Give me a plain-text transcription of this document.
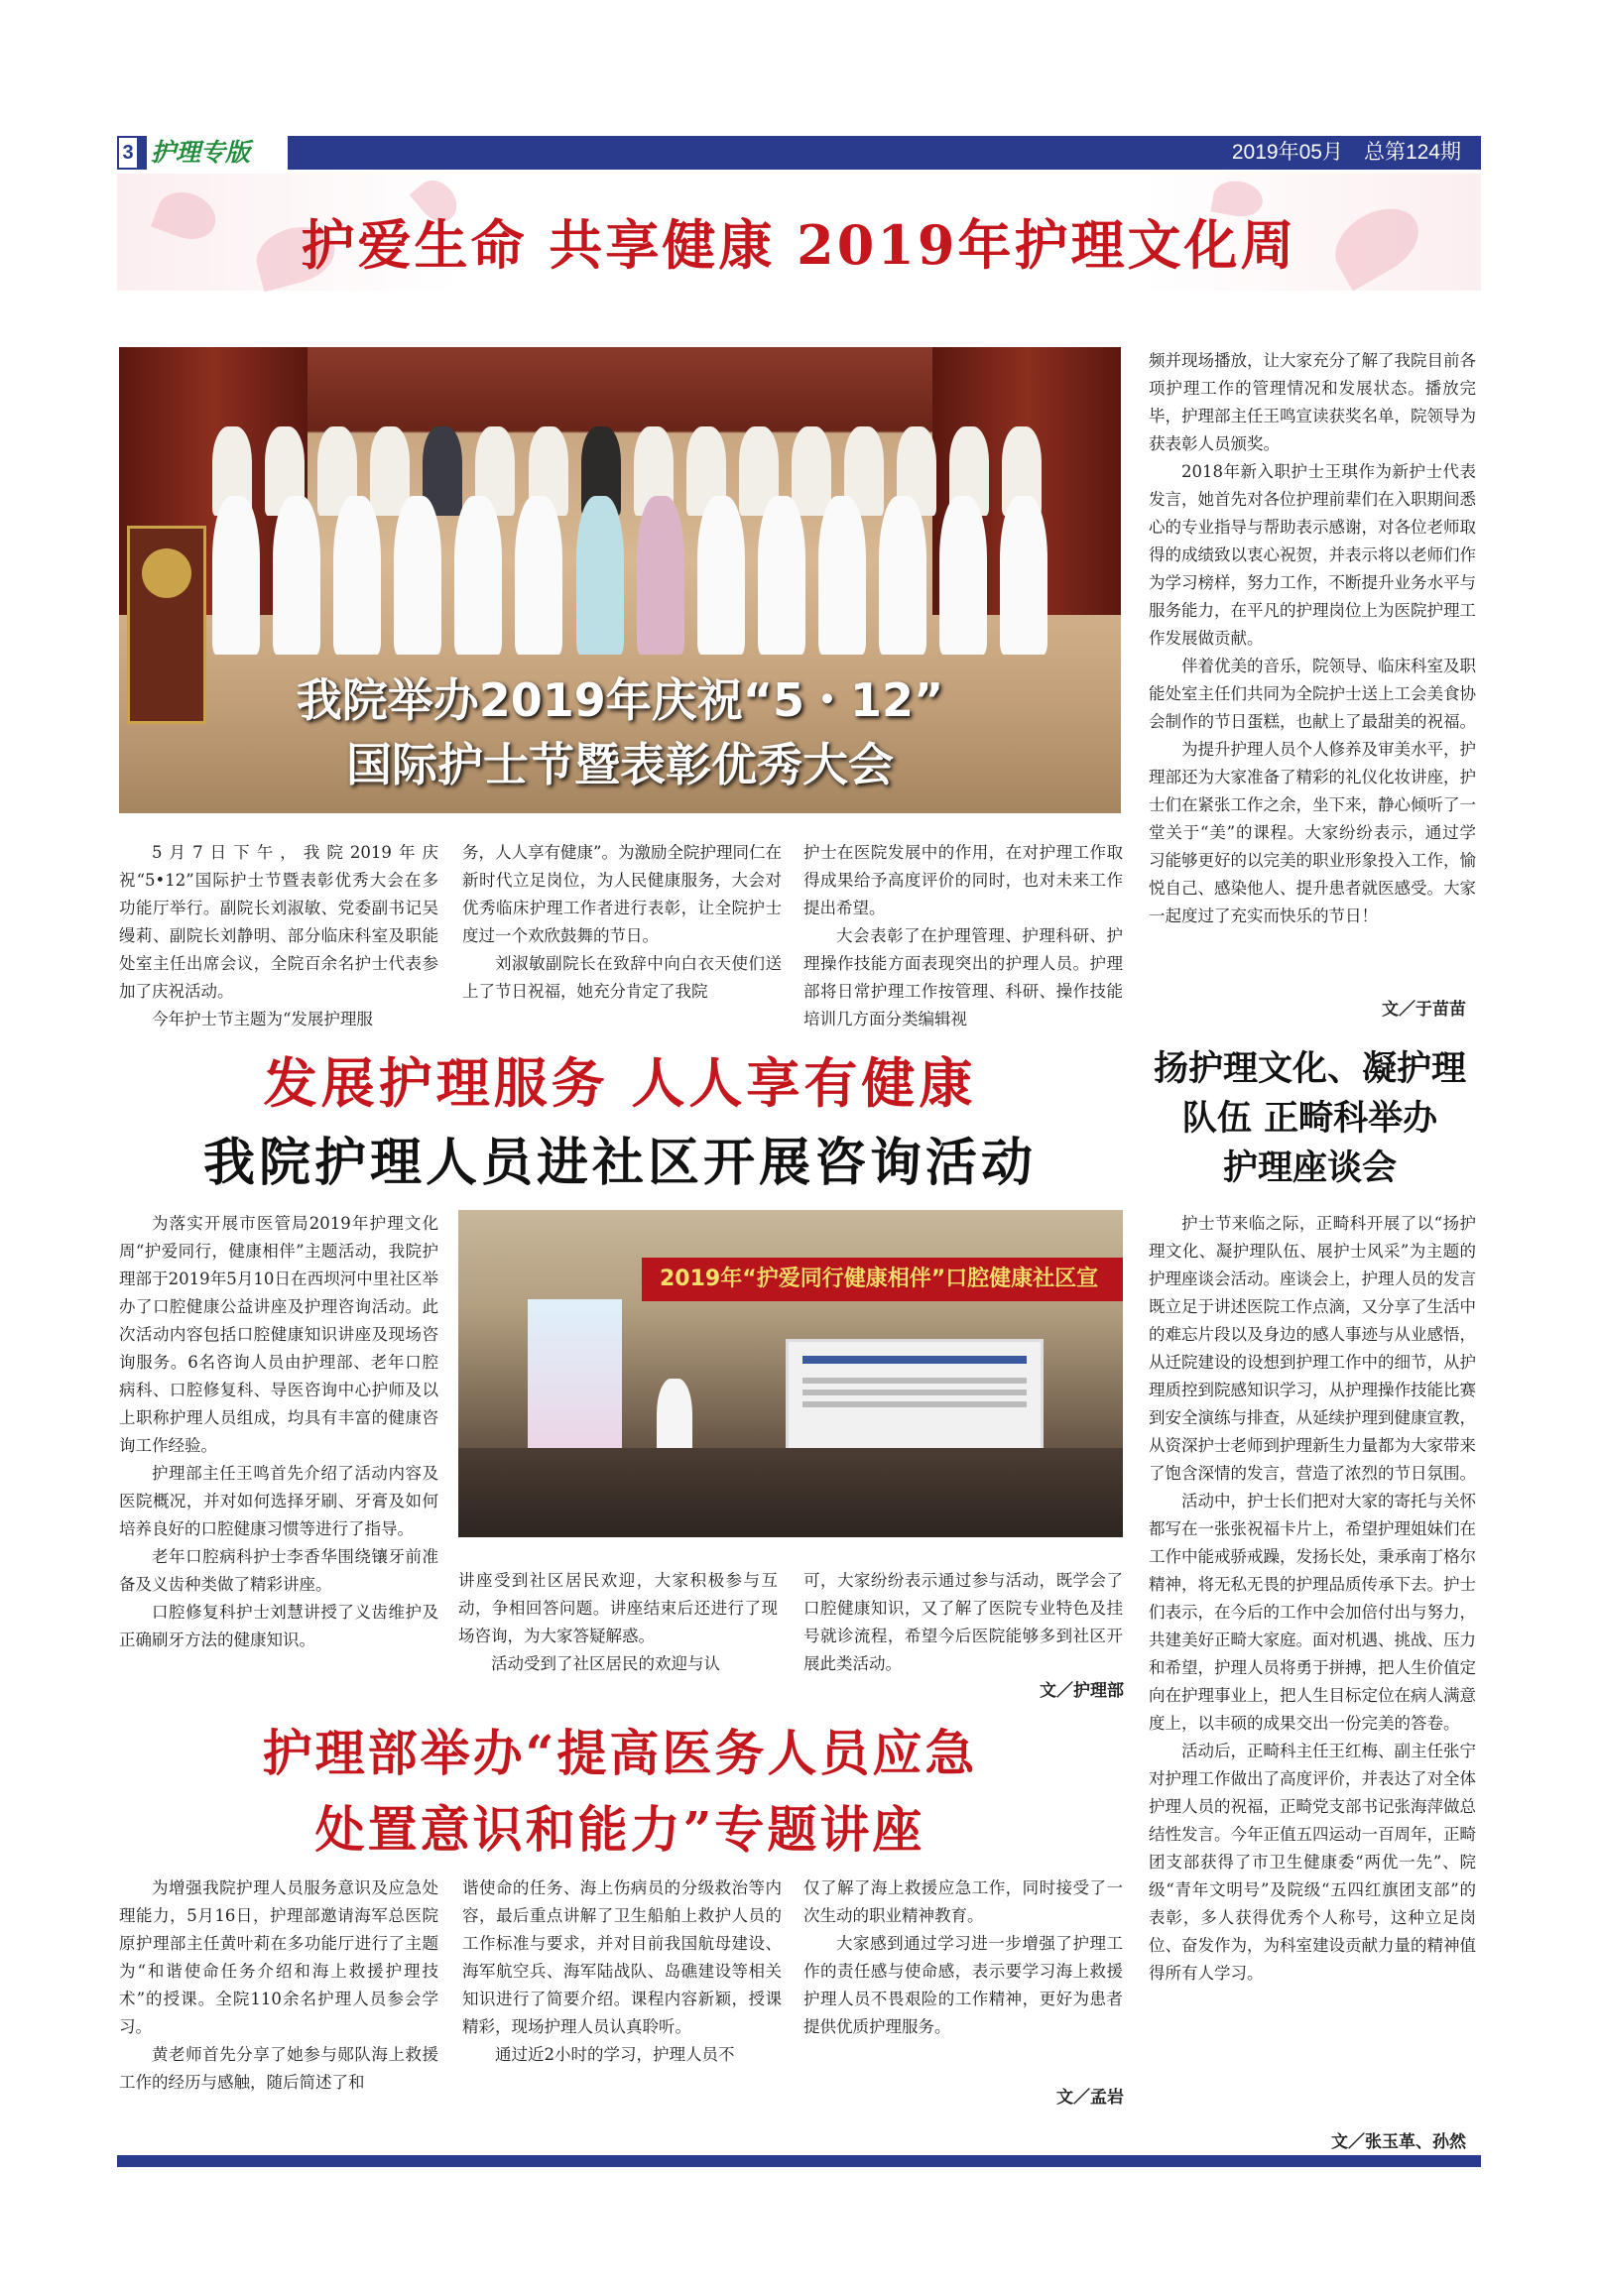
3 护理专版	2019年05月　总第124期
护爱生命 共享健康 2019年护理文化周

我院举办2019年庆祝“5・12”
国际护士节暨表彰优秀大会

5月7日下午，我院2019年庆祝“5•12”国际护士节暨表彰优秀大会在多功能厅举行。副院长刘淑敏、党委副书记吴缦莉、副院长刘静明、部分临床科室及职能处室主任出席会议，全院百余名护士代表参加了庆祝活动。

今年护士节主题为“发展护理服

务，人人享有健康”。为激励全院护理同仁在新时代立足岗位，为人民健康服务，大会对优秀临床护理工作者进行表彰，让全院护士度过一个欢欣鼓舞的节日。

刘淑敏副院长在致辞中向白衣天使们送上了节日祝福，她充分肯定了我院

护士在医院发展中的作用，在对护理工作取得成果给予高度评价的同时，也对未来工作提出希望。

大会表彰了在护理管理、护理科研、护理操作技能方面表现突出的护理人员。护理部将日常护理工作按管理、科研、操作技能培训几方面分类编辑视

频并现场播放，让大家充分了解了我院目前各项护理工作的管理情况和发展状态。播放完毕，护理部主任王鸣宣读获奖名单，院领导为获表彰人员颁奖。

2018年新入职护士王琪作为新护士代表发言，她首先对各位护理前辈们在入职期间悉心的专业指导与帮助表示感谢，对各位老师取得的成绩致以衷心祝贺，并表示将以老师们作为学习榜样，努力工作，不断提升业务水平与服务能力，在平凡的护理岗位上为医院护理工作发展做贡献。

伴着优美的音乐，院领导、临床科室及职能处室主任们共同为全院护士送上工会美食协会制作的节日蛋糕，也献上了最甜美的祝福。

为提升护理人员个人修养及审美水平，护理部还为大家准备了精彩的礼仪化妆讲座，护士们在紧张工作之余，坐下来，静心倾听了一堂关于“美”的课程。大家纷纷表示，通过学习能够更好的以完美的职业形象投入工作，愉悦自己、感染他人、提升患者就医感受。大家一起度过了充实而快乐的节日！

文／于苗苗
发展护理服务 人人享有健康
我院护理人员进社区开展咨询活动
2019年“护爱同行健康相伴”口腔健康社区宣

为落实开展市医管局2019年护理文化周“护爱同行，健康相伴”主题活动，我院护理部于2019年5月10日在西坝河中里社区举办了口腔健康公益讲座及护理咨询活动。此次活动内容包括口腔健康知识讲座及现场咨询服务。6名咨询人员由护理部、老年口腔病科、口腔修复科、导医咨询中心护师及以上职称护理人员组成，均具有丰富的健康咨询工作经验。

护理部主任王鸣首先介绍了活动内容及医院概况，并对如何选择牙刷、牙膏及如何培养良好的口腔健康习惯等进行了指导。

老年口腔病科护士李香华围绕镶牙前准备及义齿种类做了精彩讲座。

口腔修复科护士刘慧讲授了义齿维护及正确刷牙方法的健康知识。

讲座受到社区居民欢迎，大家积极参与互动，争相回答问题。讲座结束后还进行了现场咨询，为大家答疑解惑。

活动受到了社区居民的欢迎与认

可，大家纷纷表示通过参与活动，既学会了口腔健康知识，又了解了医院专业特色及挂号就诊流程，希望今后医院能够多到社区开展此类活动。

文／护理部
扬护理文化、凝护理
队伍 正畸科举办
护理座谈会

护士节来临之际，正畸科开展了以“扬护理文化、凝护理队伍、展护士风采”为主题的护理座谈会活动。座谈会上，护理人员的发言既立足于讲述医院工作点滴，又分享了生活中的难忘片段以及身边的感人事迹与从业感悟，从迁院建设的设想到护理工作中的细节，从护理质控到院感知识学习，从护理操作技能比赛到安全演练与排查，从延续护理到健康宣教，从资深护士老师到护理新生力量都为大家带来了饱含深情的发言，营造了浓烈的节日氛围。

活动中，护士长们把对大家的寄托与关怀都写在一张张祝福卡片上，希望护理姐妹们在工作中能戒骄戒躁，发扬长处，秉承南丁格尔精神，将无私无畏的护理品质传承下去。护士们表示，在今后的工作中会加倍付出与努力，共建美好正畸大家庭。面对机遇、挑战、压力和希望，护理人员将勇于拼搏，把人生价值定向在护理事业上，把人生目标定位在病人满意度上，以丰硕的成果交出一份完美的答卷。

活动后，正畸科主任王红梅、副主任张宁对护理工作做出了高度评价，并表达了对全体护理人员的祝福，正畸党支部书记张海萍做总结性发言。今年正值五四运动一百周年，正畸团支部获得了市卫生健康委“两优一先”、院级“青年文明号”及院级“五四红旗团支部”的表彰，多人获得优秀个人称号，这种立足岗位、奋发作为，为科室建设贡献力量的精神值得所有人学习。

文／张玉革、孙然
护理部举办“提高医务人员应急
处置意识和能力”专题讲座

为增强我院护理人员服务意识及应急处理能力，5月16日，护理部邀请海军总医院原护理部主任黄叶莉在多功能厅进行了主题为“和谐使命任务介绍和海上救援护理技术”的授课。全院110余名护理人员参会学习。

黄老师首先分享了她参与郧队海上救援工作的经历与感触，随后简述了和

谐使命的任务、海上伤病员的分级救治等内容，最后重点讲解了卫生船舶上救护人员的工作标准与要求，并对目前我国航母建设、海军航空兵、海军陆战队、岛礁建设等相关知识进行了简要介绍。课程内容新颖，授课精彩，现场护理人员认真聆听。

通过近2小时的学习，护理人员不

仅了解了海上救援应急工作，同时接受了一次生动的职业精神教育。

大家感到通过学习进一步增强了护理工作的责任感与使命感，表示要学习海上救援护理人员不畏艰险的工作精神，更好为患者提供优质护理服务。

文／孟岩
